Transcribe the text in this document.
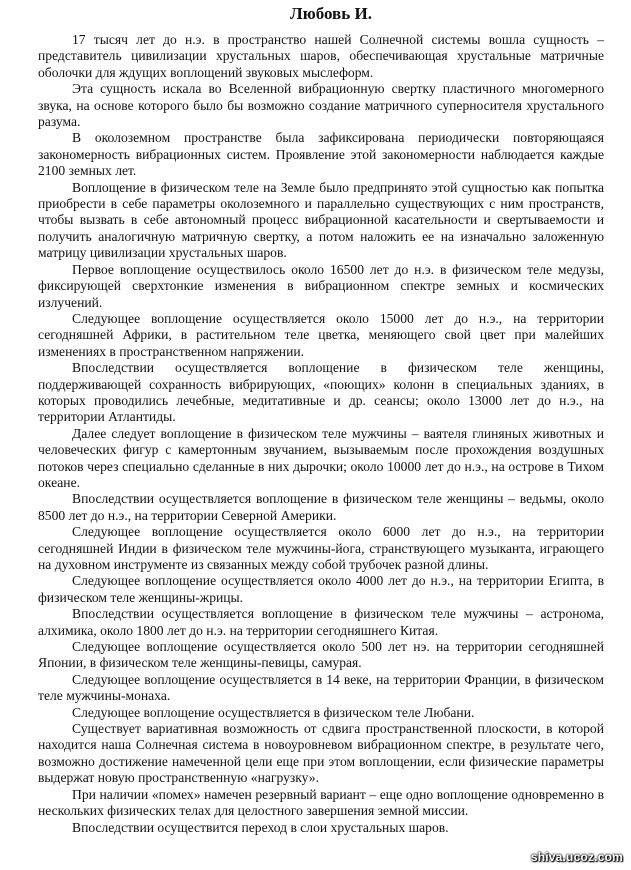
Любовь И.

17 тысяч лет до н.э. в пространство нашей Солнечной системы вошла сущность – представитель цивилизации хрустальных шаров, обеспечивающая хрустальные матричные оболочки для ждущих воплощений звуковых мыслеформ.

Эта сущность искала во Вселенной вибрационную свертку пластичного многомерного звука, на основе которого было бы возможно создание матричного суперносителя хрустального разума.

В околоземном пространстве была зафиксирована периодически повторяющаяся закономерность вибрационных систем. Проявление этой закономерности наблюдается каждые 2100 земных лет.

Воплощение в физическом теле на Земле было предпринято этой сущностью как попытка приобрести в себе параметры околоземного и параллельно существующих с ним пространств, чтобы вызвать в себе автономный процесс вибрационной касательности и свертываемости и получить аналогичную матричную свертку, а потом наложить ее на изначально заложенную матрицу цивилизации хрустальных шаров.

Первое воплощение осуществилось около 16500 лет до н.э. в физическом теле медузы, фиксирующей сверхтонкие изменения в вибрационном спектре земных и космических излучений.

Следующее воплощение осуществляется около 15000 лет до н.э., на территории сегодняшней Африки, в растительном теле цветка, меняющего свой цвет при малейших изменениях в пространственном напряжении.

Впоследствии осуществляется воплощение в физическом теле женщины, поддерживающей сохранность вибрирующих, «поющих» колонн в специальных зданиях, в которых проводились лечебные, медитативные и др. сеансы; около 13000 лет до н.э., на территории Атлантиды.

Далее следует воплощение в физическом теле мужчины – ваятеля глиняных животных и человеческих фигур с камертонным звучанием, вызываемым после прохождения воздушных потоков через специально сделанные в них дырочки; около 10000 лет до н.э., на острове в Тихом океане.

Впоследствии осуществляется воплощение в физическом теле женщины – ведьмы, около 8500 лет до н.э., на территории Северной Америки.

Следующее воплощение осуществляется около 6000 лет до н.э., на территории сегодняшней Индии в физическом теле мужчины-йога, странствующего музыканта, играющего на духовном инструменте из связанных между собой трубочек разной длины.

Следующее воплощение осуществляется около 4000 лет до н.э., на территории Египта, в физическом теле женщины-жрицы.

Впоследствии осуществляется воплощение в физическом теле мужчины – астронома, алхимика, около 1800 лет до н.э. на территории сегодняшнего Китая.

Следующее воплощение осуществляется около 500 лет нэ. на территории сегодняшней Японии, в физическом теле женщины-певицы, самурая.

Следующее воплощение осуществляется в 14 веке, на территории Франции, в физическом теле мужчины-монаха.

Следующее воплощение осуществляется в физическом теле Любани.

Существует вариативная возможность от сдвига пространственной плоскости, в которой находится наша Солнечная система в новоуровневом вибрационном спектре, в результате чего, возможно достижение намеченной цели еще при этом воплощении, если физические параметры выдержат новую пространственную «нагрузку».

При наличии «помех» намечен резервный вариант – еще одно воплощение одновременно в нескольких физических телах для целостного завершения земной миссии.

Впоследствии осуществится переход в слои хрустальных шаров.

shiva.ucoz.com
